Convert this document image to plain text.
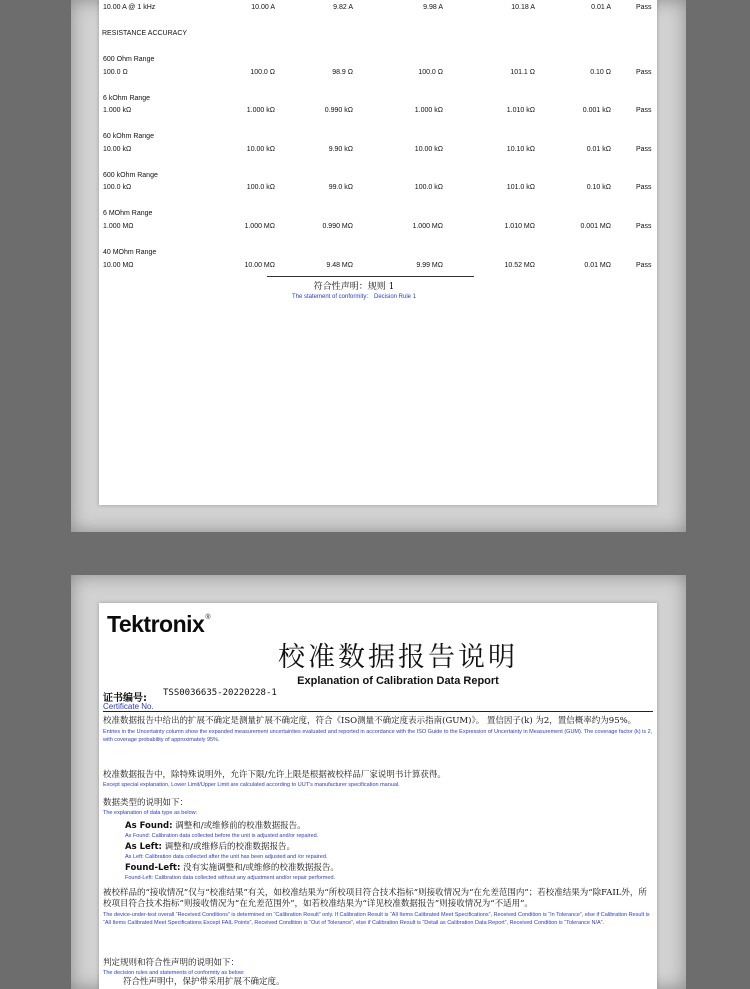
10.00 A @ 1 kHz	10.00 A	9.82 A	9.98 A	10.18 A	0.01 A	Pass
RESISTANCE ACCURACY
600 Ohm Range
100.0 Ω	100.0 Ω	98.9 Ω	100.0 Ω	101.1 Ω	0.10 Ω	Pass
6 kOhm Range
1.000 kΩ	1.000 kΩ	0.990 kΩ	1.000 kΩ	1.010 kΩ	0.001 kΩ	Pass
60 kOhm Range
10.00 kΩ	10.00 kΩ	9.90 kΩ	10.00 kΩ	10.10 kΩ	0.01 kΩ	Pass
600 kOhm Range
100.0 kΩ	100.0 kΩ	99.0 kΩ	100.0 kΩ	101.0 kΩ	0.10 kΩ	Pass
6 MOhm Range
1.000 MΩ	1.000 MΩ	0.990 MΩ	1.000 MΩ	1.010 MΩ	0.001 MΩ	Pass
40 MOhm Range
10.00 MΩ	10.00 MΩ	9.48 MΩ	9.99 MΩ	10.52 MΩ	0.01 MΩ	Pass
符合性声明：规则 1
The statement of conformity： Decision Rule 1
Tektronix®
校准数据报告说明
Explanation of Calibration Data Report
证书编号: TSS0036635-20220228-1
Certificate No.
校准数据报告中给出的扩展不确定是测量扩展不确定度，符合《ISO测量不确定度表示指南(GUM)》。 置信因子(k) 为2，置信概率约为95%。
Entries in the Uncertainty column show the expanded measurement uncertainties evaluated and reported in accordance with the ISO Guide to the Expression of Uncertainty in Measurement (GUM). The coverage factor (k) is 2, with coverage probability of approximately 95%.
校准数据报告中，除特殊说明外，允许下限/允许上限是根据被校样品厂家说明书计算获得。
Except special explanation, Lower Limit/Upper Limit are calculated according to UUT's manufacturer specification manual.
数据类型的说明如下：
The explanation of data type as below:
As Found: 调整和/或维修前的校准数据报告。
As Found: Calibration data collected before the unit is adjusted and/or repaired.
As Left: 调整和/或维修后的校准数据报告。
As Left: Calibration data collected after the unit has been adjusted and /or repaired.
Found-Left: 没有实施调整和/或维修的校准数据报告。
Found-Left: Calibration data collected without any adjustment and/or repair performed.
被校样品的“接收情况”仅与“校准结果”有关，如校准结果为“所校项目符合技术指标”则接收情况为“在允差范围内”；若校准结果为“除FAIL外，所校项目符合技术指标”则接收情况为“在允差范围外”，如若校准结果为“详见校准数据报告”则接收情况为“不适用”。
The device-under-test overall “Received Conditions” is determined on “Calibration Result” only. If Calibration Result is “All Items Calibrated Meet Specifications”, Received Condition is “In Tolerance”, else if Calibration Result is “All Items Calibrated Meet Specifications Except FAIL Points”, Received Condition is “Out of Tolerance”, else if Calibration Result is “Detail as Calibration Data Report”, Received Condition is “Tolerance N/A”.
判定规则和符合性声明的说明如下：
The decision rules and statements of conformity as below:
符合性声明中，保护带采用扩展不确定度。
